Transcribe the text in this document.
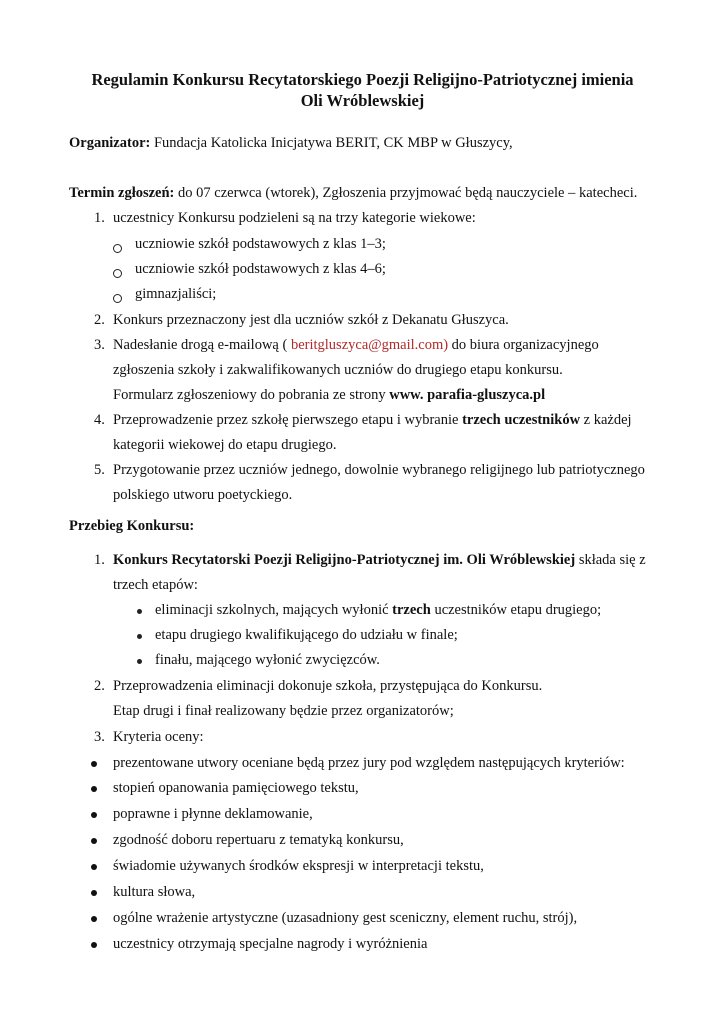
Regulamin Konkursu Recytatorskiego Poezji Religijno-Patriotycznej imienia
Oli Wróblewskiej
Organizator: Fundacja Katolicka Inicjatywa BERIT, CK MBP w Głuszycy,
Termin zgłoszeń: do 07 czerwca (wtorek), Zgłoszenia przyjmować będą nauczyciele – katecheci.
1. uczestnicy Konkursu podzieleni są na trzy kategorie wiekowe:
uczniowie szkół podstawowych z klas 1–3;
uczniowie szkół podstawowych z klas 4–6;
gimnazjaliści;
2. Konkurs przeznaczony jest dla uczniów szkół z Dekanatu Głuszyca.
3. Nadesłanie drogą e-mailową ( beritgluszyca@gmail.com) do biura organizacyjnego
zgłoszenia szkoły i zakwalifikowanych uczniów do drugiego etapu konkursu.
Formularz zgłoszeniowy do pobrania ze strony www. parafia-gluszyca.pl
4. Przeprowadzenie przez szkołę pierwszego etapu i wybranie trzech uczestników z każdej
kategorii wiekowej do etapu drugiego.
5. Przygotowanie przez uczniów jednego, dowolnie wybranego religijnego lub patriotycznego
polskiego utworu poetyckiego.
Przebieg Konkursu:
1. Konkurs Recytatorski Poezji Religijno-Patriotycznej im. Oli Wróblewskiej składa się z
trzech etapów:
eliminacji szkolnych, mających wyłonić trzech uczestników etapu drugiego;
etapu drugiego kwalifikującego do udziału w finale;
finału, mającego wyłonić zwycięzców.
2. Przeprowadzenia eliminacji dokonuje szkoła, przystępująca do Konkursu.
Etap drugi i finał realizowany będzie przez organizatorów;
3. Kryteria oceny:
prezentowane utwory oceniane będą przez jury pod względem następujących kryteriów:
stopień opanowania pamięciowego tekstu,
poprawne i płynne deklamowanie,
zgodność doboru repertuaru z tematyką konkursu,
świadomie używanych środków ekspresji w interpretacji tekstu,
kultura słowa,
ogólne wrażenie artystyczne (uzasadniony gest sceniczny, element ruchu, strój),
uczestnicy otrzymają specjalne nagrody i wyróżnienia
